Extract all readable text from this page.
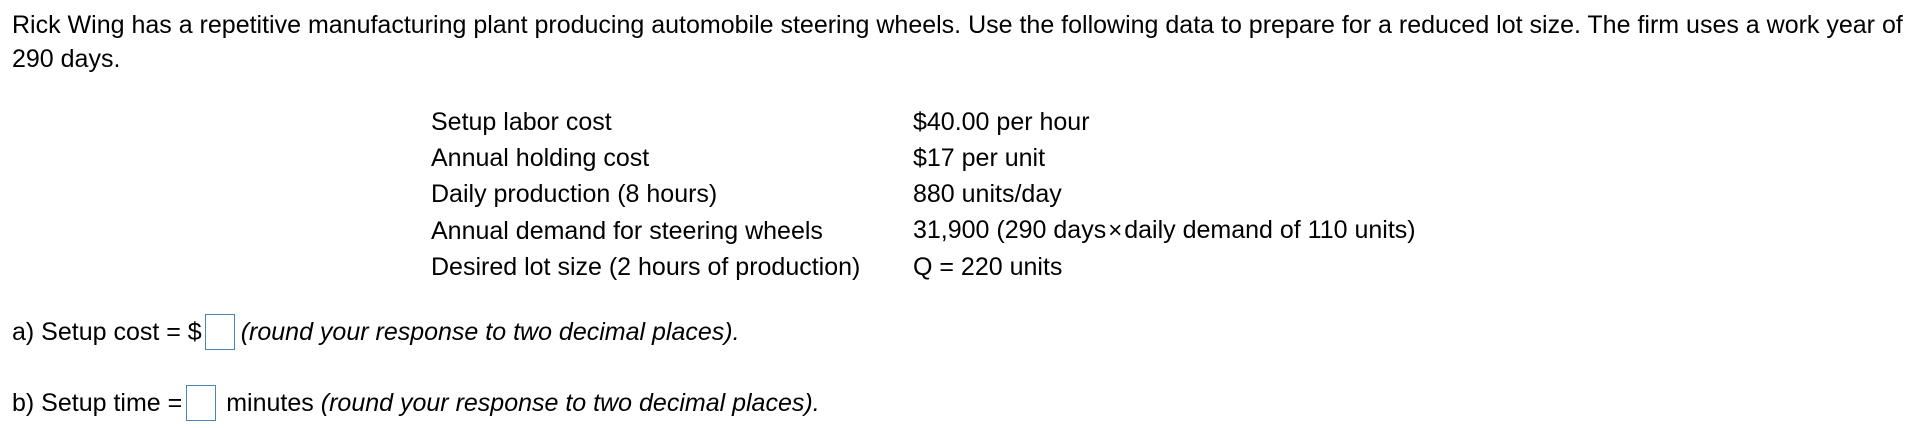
Rick Wing has a repetitive manufacturing plant producing automobile steering wheels. Use the following data to prepare for a reduced lot size. The firm uses a work year of 290 days.

Setup labor cost	$40.00 per hour
Annual holding cost	$17 per unit
Daily production (8 hours)	880 units/day
Annual demand for steering wheels	31,900 (290 days×daily demand of 110 units)
Desired lot size (2 hours of production)	Q = 220 units
a) Setup cost = $ (round your response to two decimal places).
b) Setup time = minutes (round your response to two decimal places).
